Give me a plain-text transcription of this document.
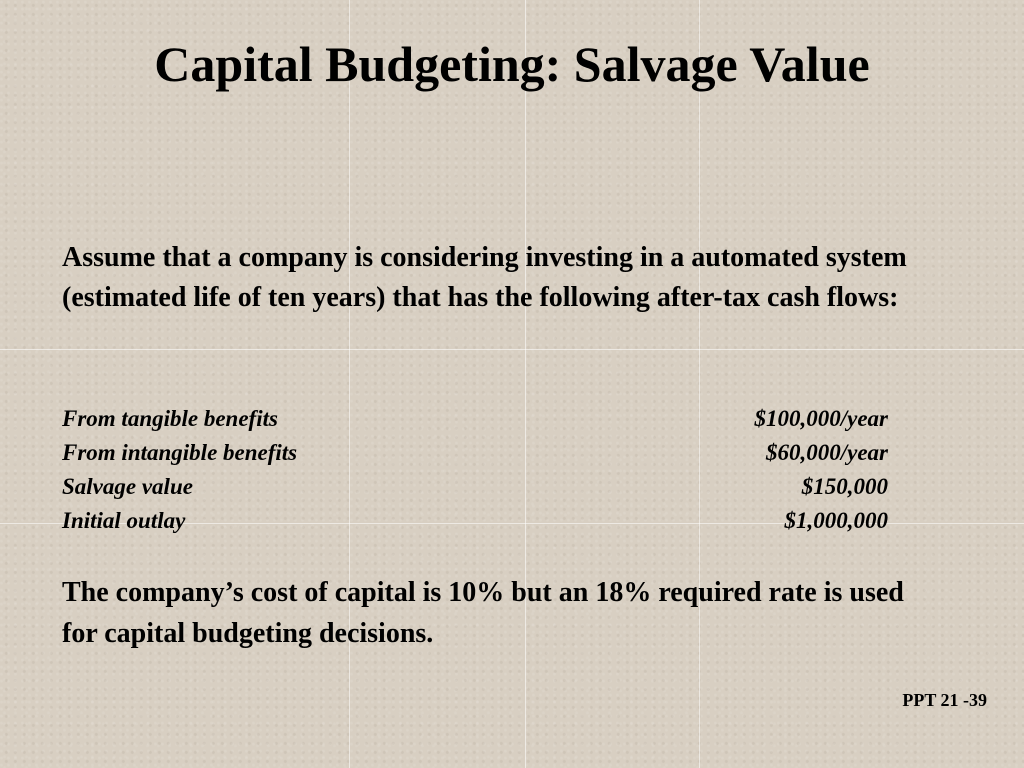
Capital Budgeting: Salvage Value

Assume that a company is considering investing in a automated system (estimated life of ten years) that has the following after-tax cash flows:

From tangible benefits	$100,000/year
From intangible benefits	$60,000/year
Salvage value	$150,000
Initial outlay	$1,000,000

The company’s cost of capital is 10% but an 18% required rate is used for capital budgeting decisions.

PPT 21 -39
